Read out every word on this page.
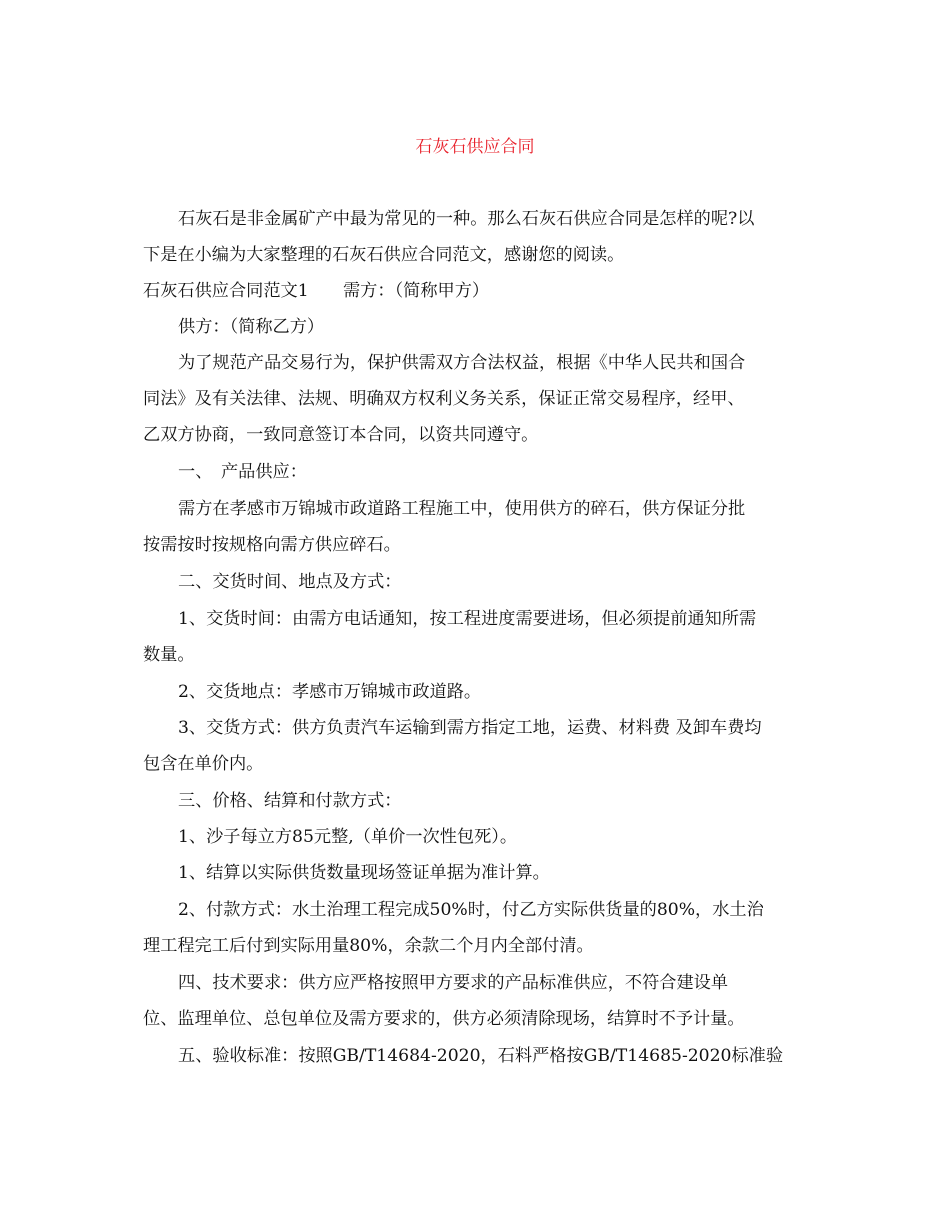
石灰石供应合同
石灰石是非金属矿产中最为常见的一种。那么石灰石供应合同是怎样的呢?以
下是在小编为大家整理的石灰石供应合同范文，感谢您的阅读。
石灰石供应合同范文1　　需方：（简称甲方）
供方：（简称乙方）
为了规范产品交易行为，保护供需双方合法权益，根据《中华人民共和国合
同法》及有关法律、法规、明确双方权利义务关系，保证正常交易程序，经甲、
乙双方协商，一致同意签订本合同，以资共同遵守。
一、　产品供应：
需方在孝感市万锦城市政道路工程施工中，使用供方的碎石，供方保证分批
按需按时按规格向需方供应碎石。
二、交货时间、地点及方式：
1、交货时间：由需方电话通知，按工程进度需要进场，但必须提前通知所需
数量。
2、交货地点：孝感市万锦城市政道路。
3、交货方式：供方负责汽车运输到需方指定工地，运费、材料费 及卸车费均
包含在单价内。
三、价格、结算和付款方式：
1、沙子每立方85元整,（单价一次性包死）。
1、结算以实际供货数量现场签证单据为准计算。
2、付款方式：水土治理工程完成50%时，付乙方实际供货量的80%，水土治
理工程完工后付到实际用量80%，余款二个月内全部付清。
四、技术要求：供方应严格按照甲方要求的产品标准供应，不符合建设单
位、监理单位、总包单位及需方要求的，供方必须清除现场，结算时不予计量。
五、验收标准：按照GB/T14684-2020，石料严格按GB/T14685-2020标准验
